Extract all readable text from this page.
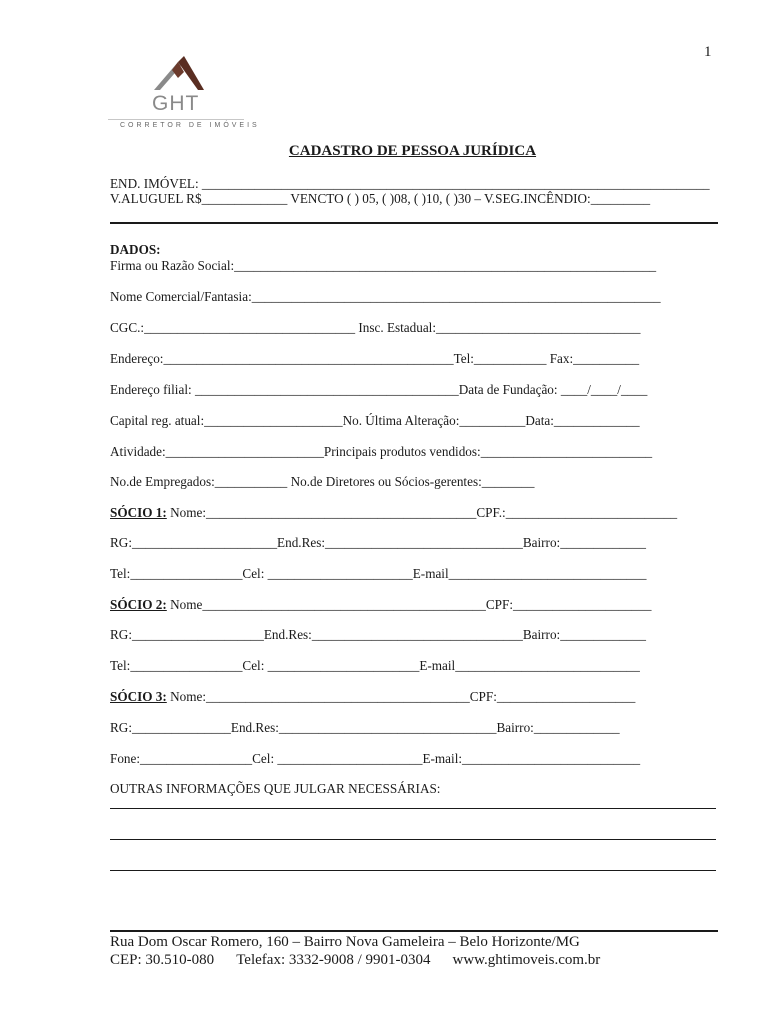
1
GHT
CORRETOR DE IMÓVEIS
CADASTRO DE PESSOA JURÍDICA
END. IMÓVEL: _____________________________________________________________________________
V.ALUGUEL R$_____________ VENCTO ( ) 05, ( )08, ( )10, ( )30 – V.SEG.INCÊNDIO:_________
DADOS:
Firma ou Razão Social:________________________________________________________________
Nome Comercial/Fantasia:______________________________________________________________
CGC.:________________________________ Insc. Estadual:_______________________________
Endereço:____________________________________________Tel:___________ Fax:__________
Endereço filial: ________________________________________Data de Fundação: ____/____/____
Capital reg. atual:_____________________No. Última Alteração:__________Data:_____________
Atividade:________________________Principais produtos vendidos:__________________________
No.de Empregados:___________ No.de Diretores ou Sócios-gerentes:________
SÓCIO 1: Nome:_________________________________________CPF.:__________________________
RG:______________________End.Res:______________________________Bairro:_____________
Tel:_________________Cel: ______________________E-mail______________________________
SÓCIO 2: Nome___________________________________________CPF:_____________________
RG:____________________End.Res:________________________________Bairro:_____________
Tel:_________________Cel: _______________________E-mail____________________________
SÓCIO 3: Nome:________________________________________CPF:_____________________
RG:_______________End.Res:_________________________________Bairro:_____________
Fone:_________________Cel: ______________________E-mail:___________________________
OUTRAS INFORMAÇÕES QUE JULGAR NECESSÁRIAS:
Rua Dom Oscar Romero, 160 – Bairro Nova Gameleira – Belo Horizonte/MG
CEP: 30.510-080 Telefax: 3332-9008 / 9901-0304 www.ghtimoveis.com.br
